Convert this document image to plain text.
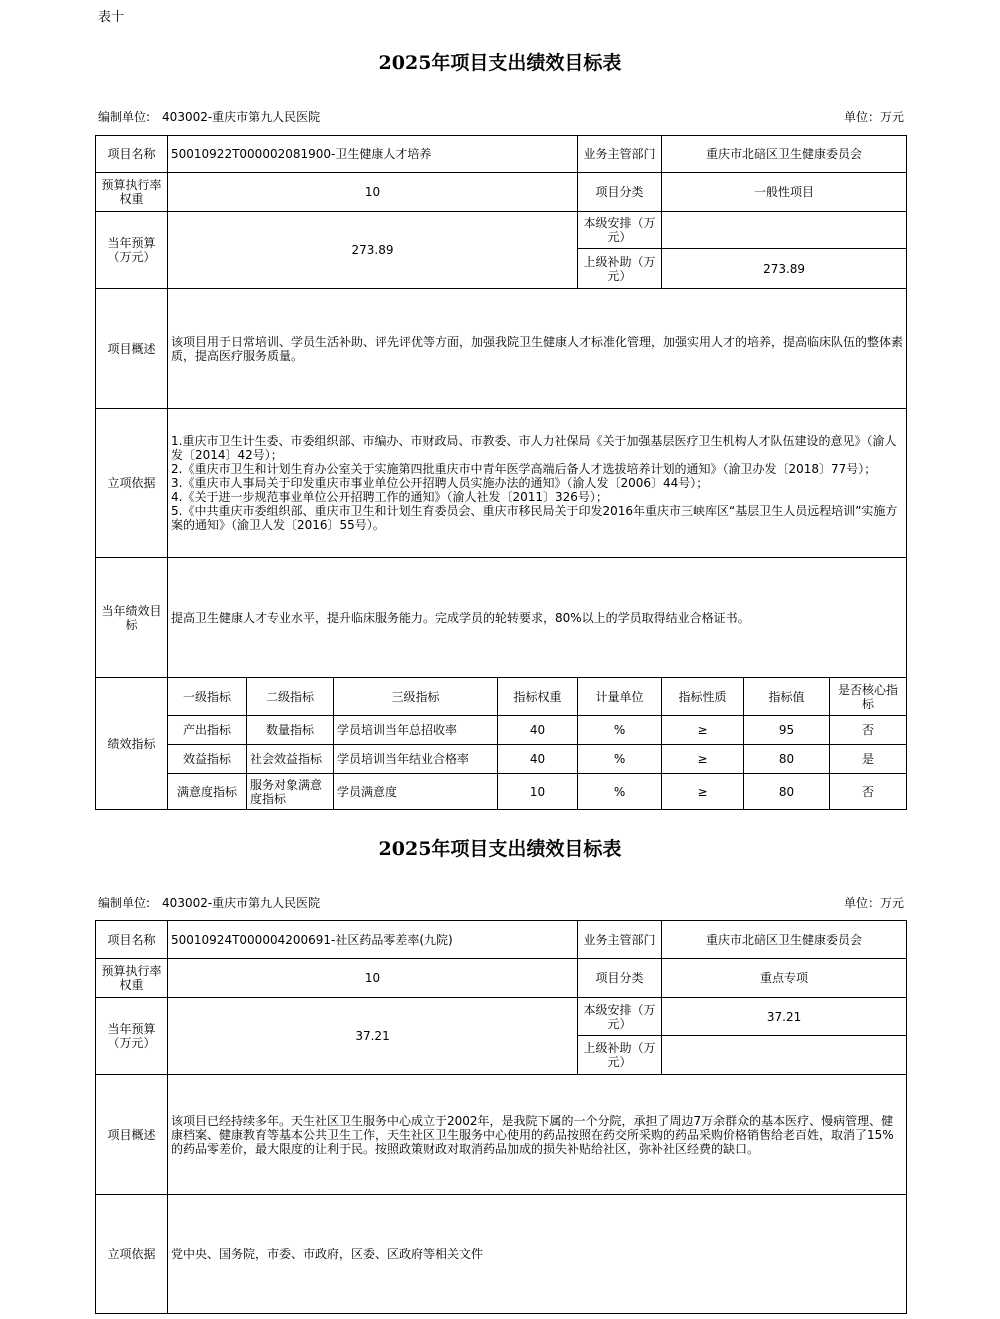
表十
2025年项目支出绩效目标表
编制单位: 403002-重庆市第九人民医院	单位：万元
项目名称	50010922T000002081900-卫生健康人才培养				业务主管部门	重庆市北碚区卫生健康委员会		
预算执行率权重	10				项目分类	一般性项目		
当年预算（万元）	273.89				本级安排（万元）			
					上级补助（万元）	273.89		
项目概述	该项目用于日常培训、学员生活补助、评先评优等方面，加强我院卫生健康人才标准化管理，加强实用人才的培养，提高临床队伍的整体素质，提高医疗服务质量。							
立项依据	1.重庆市卫生计生委、市委组织部、市编办、市财政局、市教委、市人力社保局《关于加强基层医疗卫生机构人才队伍建设的意见》（渝人发〔2014〕42号）；

2.《重庆市卫生和计划生育办公室关于实施第四批重庆市中青年医学高端后备人才选拔培养计划的通知》（渝卫办发〔2018〕77号）；

3.《重庆市人事局关于印发重庆市事业单位公开招聘人员实施办法的通知》（渝人发〔2006〕44号）；

4.《关于进一步规范事业单位公开招聘工作的通知》（渝人社发〔2011〕326号）；

5.《中共重庆市委组织部、重庆市卫生和计划生育委员会、重庆市移民局关于印发2016年重庆市三峡库区“基层卫生人员远程培训”实施方案的通知》（渝卫人发〔2016〕55号）。							

当年绩效目标	提高卫生健康人才专业水平，提升临床服务能力。完成学员的轮转要求，80%以上的学员取得结业合格证书。							
绩效指标	一级指标	二级指标	三级指标	指标权重	计量单位	指标性质	指标值	是否核心指标
	产出指标	数量指标	学员培训当年总招收率	40	%	≥	95	否
	效益指标	社会效益指标	学员培训当年结业合格率	40	%	≥	80	是
	满意度指标	服务对象满意度指标	学员满意度	10	%	≥	80	否
2025年项目支出绩效目标表
编制单位: 403002-重庆市第九人民医院	单位：万元
项目名称	50010924T000004200691-社区药品零差率(九院)	业务主管部门	重庆市北碚区卫生健康委员会
预算执行率权重	10	项目分类	重点专项
当年预算（万元）	37.21	本级安排（万元）	37.21
		上级补助（万元）	
项目概述	该项目已经持续多年。天生社区卫生服务中心成立于2002年，是我院下属的一个分院，承担了周边7万余群众的基本医疗、慢病管理、健康档案、健康教育等基本公共卫生工作，天生社区卫生服务中心使用的药品按照在药交所采购的药品采购价格销售给老百姓，取消了15%的药品零差价，最大限度的让利于民。按照政策财政对取消药品加成的损失补贴给社区，弥补社区经费的缺口。		
立项依据	党中央、国务院，市委、市政府，区委、区政府等相关文件		
